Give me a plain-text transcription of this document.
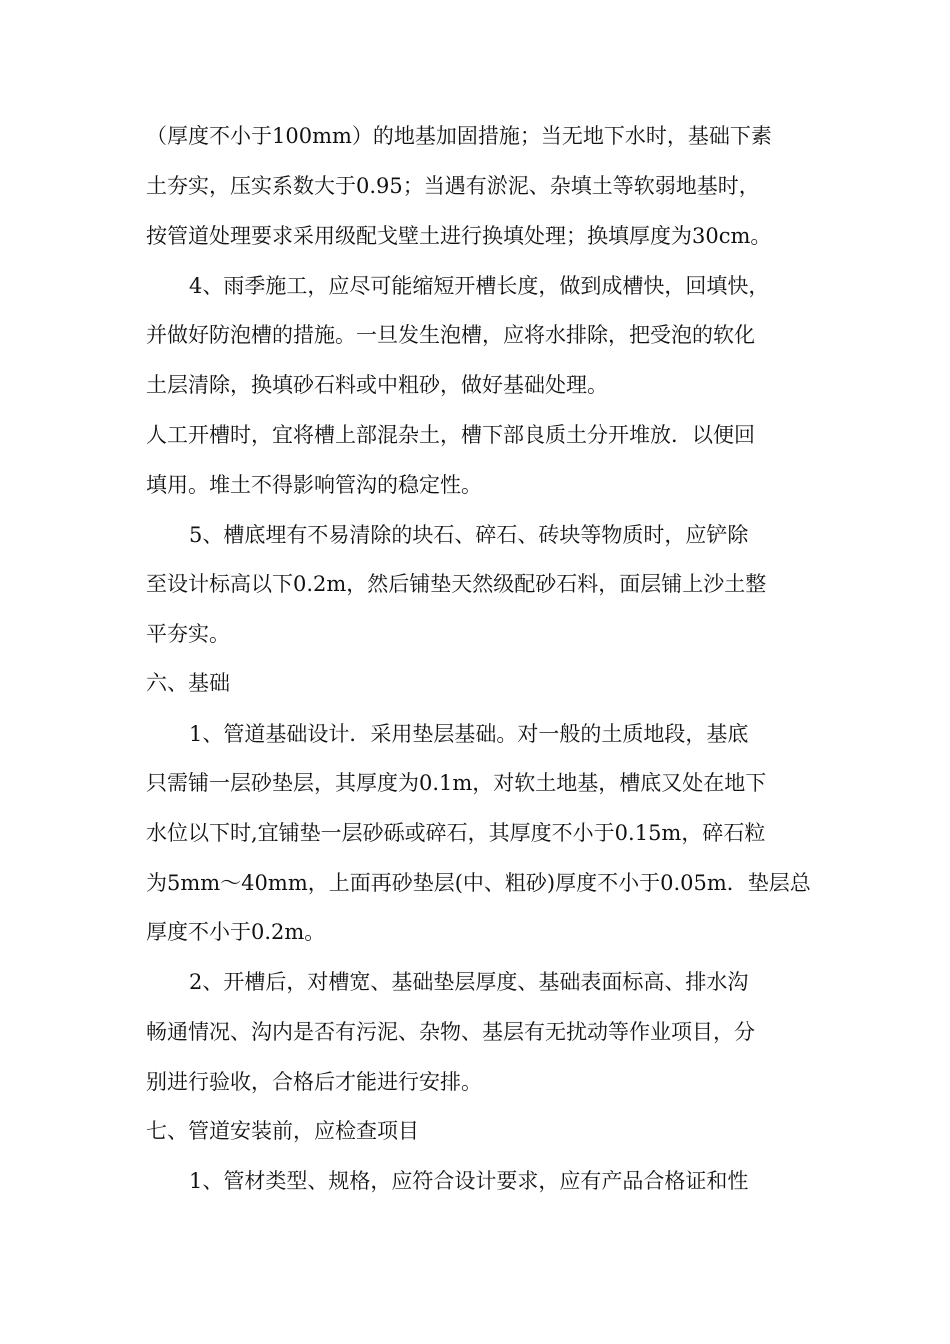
（厚度不小于100mm）的地基加固措施；当无地下水时，基础下素
土夯实，压实系数大于0.95；当遇有淤泥、杂填土等软弱地基时，
按管道处理要求采用级配戈壁土进行换填处理；换填厚度为30cm。
4、雨季施工，应尽可能缩短开槽长度，做到成槽快，回填快，
并做好防泡槽的措施。一旦发生泡槽，应将水排除，把受泡的软化
土层清除，换填砂石料或中粗砂，做好基础处理。
人工开槽时，宜将槽上部混杂土，槽下部良质土分开堆放．以便回
填用。堆土不得影响管沟的稳定性。
5、槽底埋有不易清除的块石、碎石、砖块等物质时，应铲除
至设计标高以下0.2m，然后铺垫天然级配砂石料，面层铺上沙土整
平夯实。
六、基础
1、管道基础设计．采用垫层基础。对一般的土质地段，基底
只需铺一层砂垫层，其厚度为0.1m，对软土地基，槽底又处在地下
水位以下时,宜铺垫一层砂砾或碎石，其厚度不小于0.15m，碎石粒
为5mm～40mm，上面再砂垫层(中、粗砂)厚度不小于0.05m．垫层总
厚度不小于0.2m。
2、开槽后，对槽宽、基础垫层厚度、基础表面标高、排水沟
畅通情况、沟内是否有污泥、杂物、基层有无扰动等作业项目，分
别进行验收，合格后才能进行安排。
七、管道安装前，应检查项目
1、管材类型、规格，应符合设计要求，应有产品合格证和性
